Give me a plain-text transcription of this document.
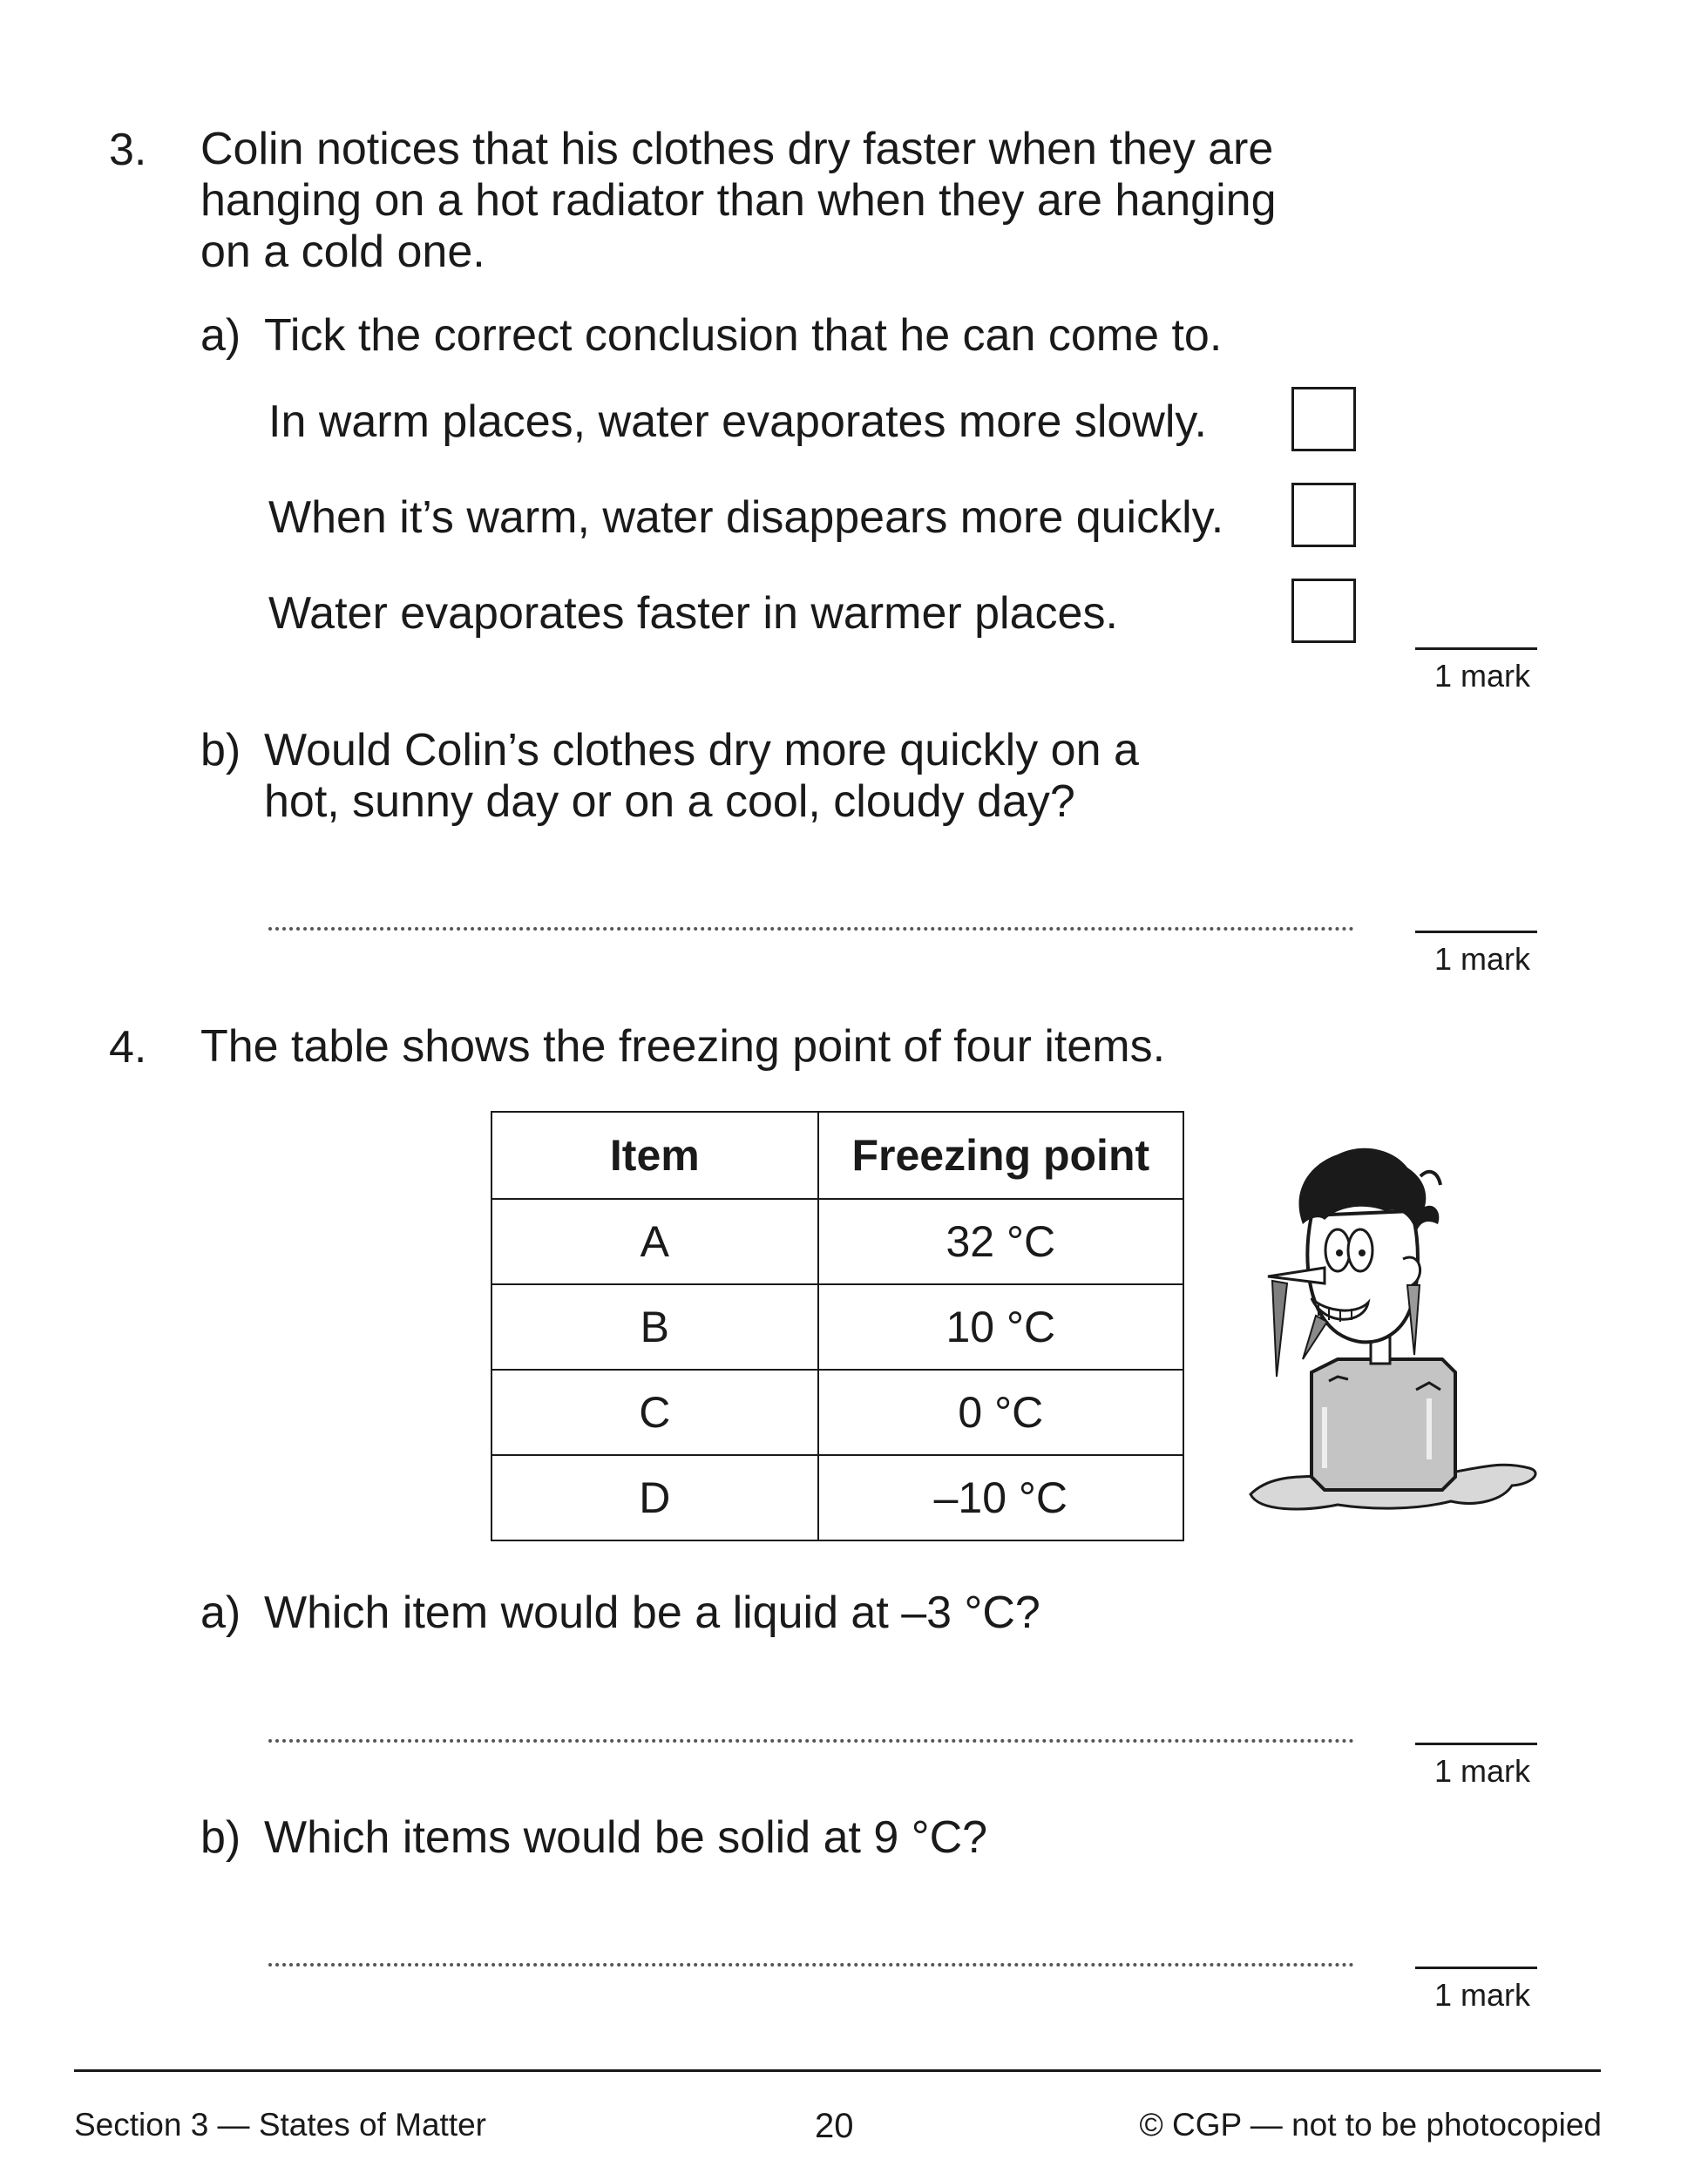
3. Colin notices that his clothes dry faster when they are
hanging on a hot radiator than when they are hanging
on a cold one.
a) Tick the correct conclusion that he can come to.
In warm places, water evaporates more slowly.
When it’s warm, water disappears more quickly.
Water evaporates faster in warmer places.
1 mark
b) Would Colin’s clothes dry more quickly on a
hot, sunny day or on a cool, cloudy day?
1 mark
4. The table shows the freezing point of four items.
Item	Freezing point
A	32 °C
B	10 °C
C	0 °C
D	–10 °C
a) Which item would be a liquid at –3 °C?
1 mark
b) Which items would be solid at 9 °C?
1 mark
Section 3 — States of Matter	20	© CGP — not to be photocopied
